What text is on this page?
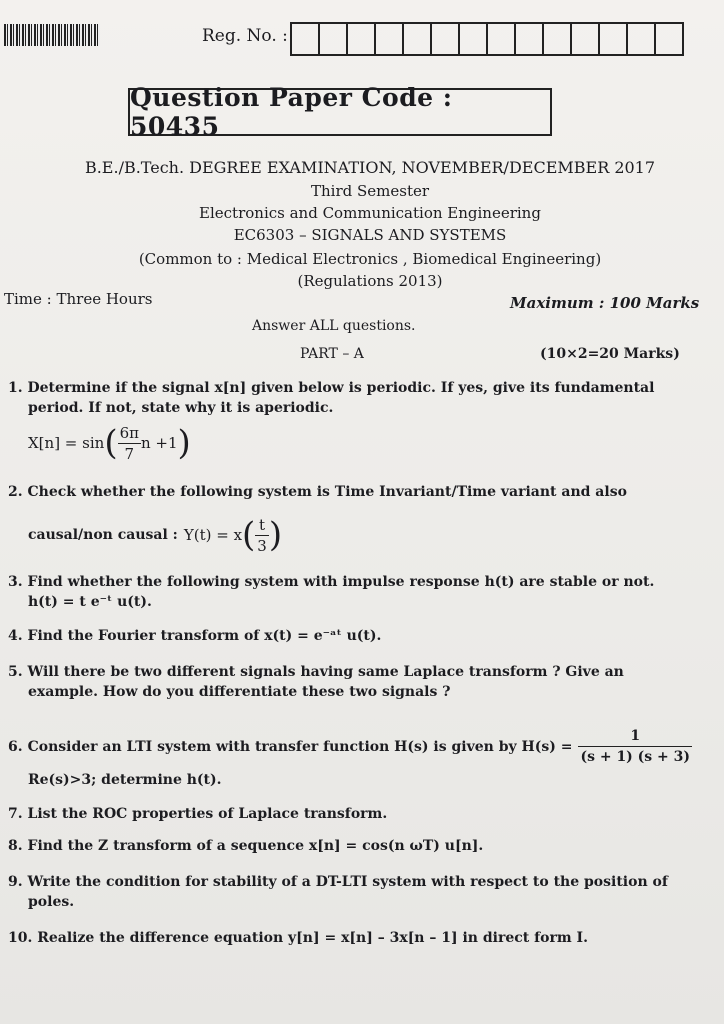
Reg. No. :
Question Paper Code : 50435
B.E./B.Tech. DEGREE EXAMINATION, NOVEMBER/DECEMBER 2017
Third Semester
Electronics and Communication Engineering
EC6303 – SIGNALS AND SYSTEMS
(Common to : Medical Electronics , Biomedical Engineering)
(Regulations 2013)
Time : Three Hours	Maximum : 100 Marks
Answer ALL questions.
PART – A	(10×2=20 Marks)
1. Determine if the signal x[n] given below is periodic. If yes, give its fundamental
period. If not, state why it is aperiodic.
X[n] = sin ( $\frac{6\pi}{7}$ n +1 )
2. Check whether the following system is Time Invariant/Time variant and also
causal/non causal : Y(t) = x ( $\frac{t}{3}$ )
3. Find whether the following system with impulse response h(t) are stable or not.
h(t) = t e⁻ᵗ u(t).
4. Find the Fourier transform of x(t) = e⁻ᵃᵗ u(t).
5. Will there be two different signals having same Laplace transform ? Give an
example. How do you differentiate these two signals ?
6. Consider an LTI system with transfer function H(s) is given by $H(s) = \frac{1}{(s + 1) (s + 3)}$
Re(s)>3; determine h(t).
7. List the ROC properties of Laplace transform.
8. Find the Z transform of a sequence x[n] = cos(n ωT) u[n].
9. Write the condition for stability of a DT-LTI system with respect to the position of
poles.
10. Realize the difference equation y[n] = x[n] – 3x[n – 1] in direct form I.
